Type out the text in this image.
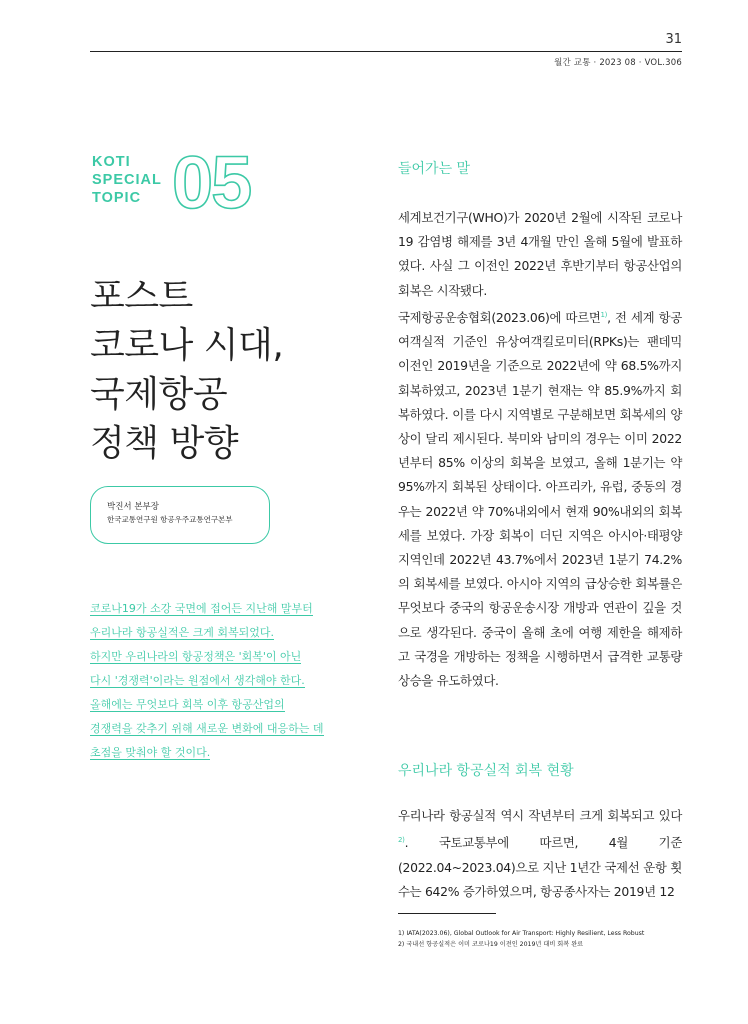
31
월간 교통 · 2023 08 · VOL.306
KOTI
SPECIAL
TOPIC 05
포스트
코로나 시대,
국제항공
정책 방향
박진서 본부장
한국교통연구원 항공우주교통연구본부
코로나19가 소강 국면에 접어든 지난해 말부터
우리나라 항공실적은 크게 회복되었다.
하지만 우리나라의 항공정책은 '회복'이 아닌
다시 '경쟁력'이라는 원점에서 생각해야 한다.
올해에는 무엇보다 회복 이후 항공산업의
경쟁력을 갖추기 위해 새로운 변화에 대응하는 데
초점을 맞춰야 할 것이다.
들어가는 말

세계보건기구(WHO)가 2020년 2월에 시작된 코로나19 감염병 해제를 3년 4개월 만인 올해 5월에 발표하였다. 사실 그 이전인 2022년 후반기부터 항공산업의 회복은 시작됐다.

국제항공운송협회(2023.06)에 따르면$^{1)}$, 전 세계 항공여객실적 기준인 유상여객킬로미터(RPKs)는 팬데믹 이전인 2019년을 기준으로 2022년에 약 68.5%까지 회복하였고, 2023년 1분기 현재는 약 85.9%까지 회복하였다. 이를 다시 지역별로 구분해보면 회복세의 양상이 달리 제시된다. 북미와 남미의 경우는 이미 2022년부터 85% 이상의 회복을 보였고, 올해 1분기는 약 95%까지 회복된 상태이다. 아프리카, 유럽, 중동의 경우는 2022년 약 70%내외에서 현재 90%내외의 회복세를 보였다. 가장 회복이 더딘 지역은 아시아·태평양 지역인데 2022년 43.7%에서 2023년 1분기 74.2%의 회복세를 보였다. 아시아 지역의 급상승한 회복률은 무엇보다 중국의 항공운송시장 개방과 연관이 깊을 것으로 생각된다. 중국이 올해 초에 여행 제한을 해제하고 국경을 개방하는 정책을 시행하면서 급격한 교통량 상승을 유도하였다.

우리나라 항공실적 회복 현황

우리나라 항공실적 역시 작년부터 크게 회복되고 있다$^{2)}$. 국토교통부에 따르면, 4월 기준(2022.04~2023.04)으로 지난 1년간 국제선 운항 횟수는 642% 증가하였으며, 항공종사자는 2019년 12

1) IATA(2023.06), Global Outlook for Air Transport: Highly Resilient, Less Robust
2) 국내선 항공실적은 이미 코로나19 이전인 2019년 대비 회복 완료
